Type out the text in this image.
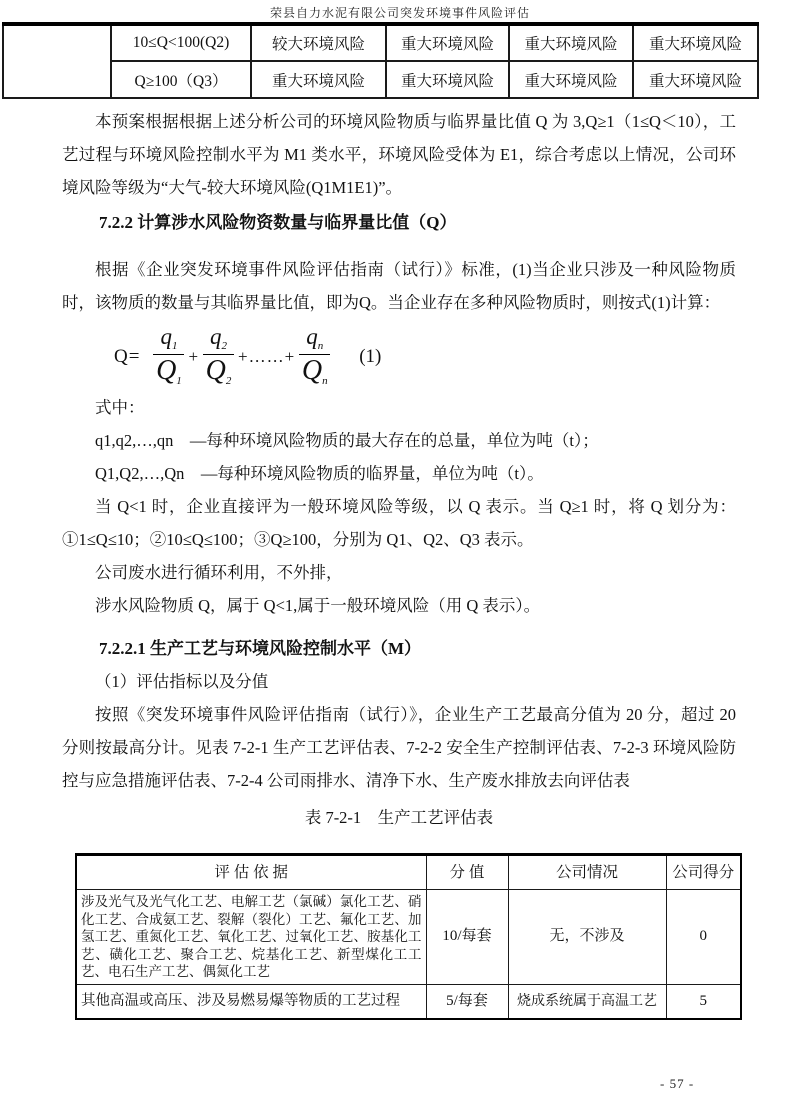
荣县自力水泥有限公司突发环境事件风险评估
	10≤Q<100(Q2)	较大环境风险	重大环境风险	重大环境风险	重大环境风险
	Q≥100（Q3）	重大环境风险	重大环境风险	重大环境风险	重大环境风险

本预案根据根据上述分析公司的环境风险物质与临界量比值 Q 为 3,Q≥1（1≤Q＜10），工艺过程与环境风险控制水平为 M1 类水平，环境风险受体为 E1，综合考虑以上情况，公司环境风险等级为“大气-较大环境风险(Q1M1E1)”。

7.2.2 计算涉水风险物资数量与临界量比值（Q）

根据《企业突发环境事件风险评估指南（试行）》标准，(1)当企业只涉及一种风险物质时，该物质的数量与其临界量比值，即为Q。当企业存在多种风险物质时，则按式(1)计算：

$Q= \frac{q_1}{Q_1} + \frac{q_2}{Q_2}$ +……+ $\frac{q_n}{Q_n} (1)$

式中：

q1,q2,…,qn　—每种环境风险物质的最大存在的总量，单位为吨（t）；

Q1,Q2,…,Qn　—每种环境风险物质的临界量，单位为吨（t）。

当 Q<1 时，企业直接评为一般环境风险等级，以 Q 表示。当 Q≥1 时，将 Q 划分为：①1≤Q≤10；②10≤Q≤100；③Q≥100，分别为 Q1、Q2、Q3 表示。

公司废水进行循环利用，不外排，

涉水风险物质 Q，属于 Q<1,属于一般环境风险（用 Q 表示）。

7.2.2.1 生产工艺与环境风险控制水平（M）

（1）评估指标以及分值

按照《突发环境事件风险评估指南（试行）》，企业生产工艺最高分值为 20 分，超过 20 分则按最高分计。见表 7-2-1 生产工艺评估表、7-2-2 安全生产控制评估表、7-2-3 环境风险防控与应急措施评估表、7-2-4 公司雨排水、清净下水、生产废水排放去向评估表

表 7-2-1　生产工艺评估表
评 估 依 据	分 值	公司情况	公司得分
涉及光气及光气化工艺、电解工艺（氯碱）氯化工艺、硝化工艺、合成氨工艺、裂解（裂化）工艺、氟化工艺、加氢工艺、重氮化工艺、氧化工艺、过氧化工艺、胺基化工艺、磺化工艺、聚合工艺、烷基化工艺、新型煤化工工艺、电石生产工艺、偶氮化工艺	10/每套	无，不涉及	0
其他高温或高压、涉及易燃易爆等物质的工艺过程	5/每套	烧成系统属于高温工艺	5
- 57 -
